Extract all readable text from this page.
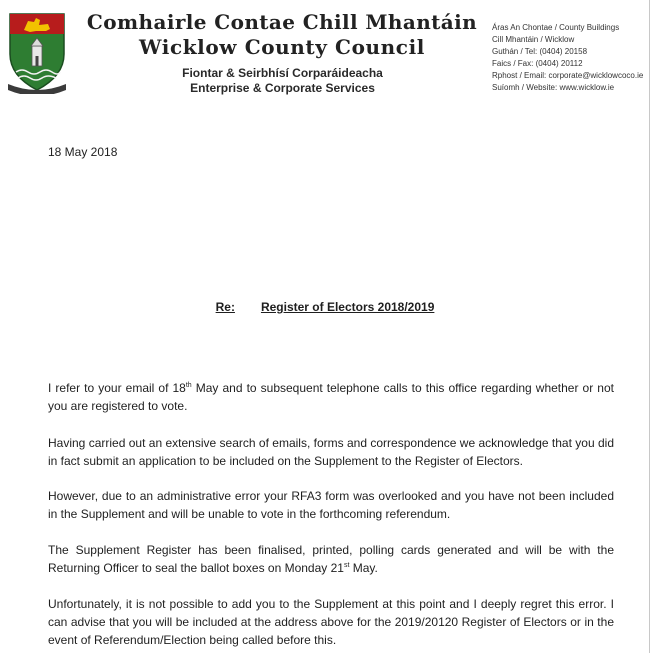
Comhairle Contae Chill Mhantáin
Wicklow County Council
Fiontar & Seirbhísí Corparáideacha
Enterprise & Corporate Services
Áras An Chontae / County Buildings
Cill Mhantáin / Wicklow
Guthán / Tel: (0404) 20158
Faics / Fax: (0404) 20112
Rphost / Email: corporate@wicklowcoco.ie
Suíomh / Website: www.wicklow.ie
18 May 2018
Re: Register of Electors 2018/2019
I refer to your email of 18th May and to subsequent telephone calls to this office regarding whether or not you are registered to vote.
Having carried out an extensive search of emails, forms and correspondence we acknowledge that you did in fact submit an application to be included on the Supplement to the Register of Electors.
However, due to an administrative error your RFA3 form was overlooked and you have not been included in the Supplement and will be unable to vote in the forthcoming referendum.
The Supplement Register has been finalised, printed, polling cards generated and will be with the Returning Officer to seal the ballot boxes on Monday 21st May.
Unfortunately, it is not possible to add you to the Supplement at this point and I deeply regret this error. I can advise that you will be included at the address above for the 2019/20120 Register of Electors or in the event of Referendum/Election being called before this.
